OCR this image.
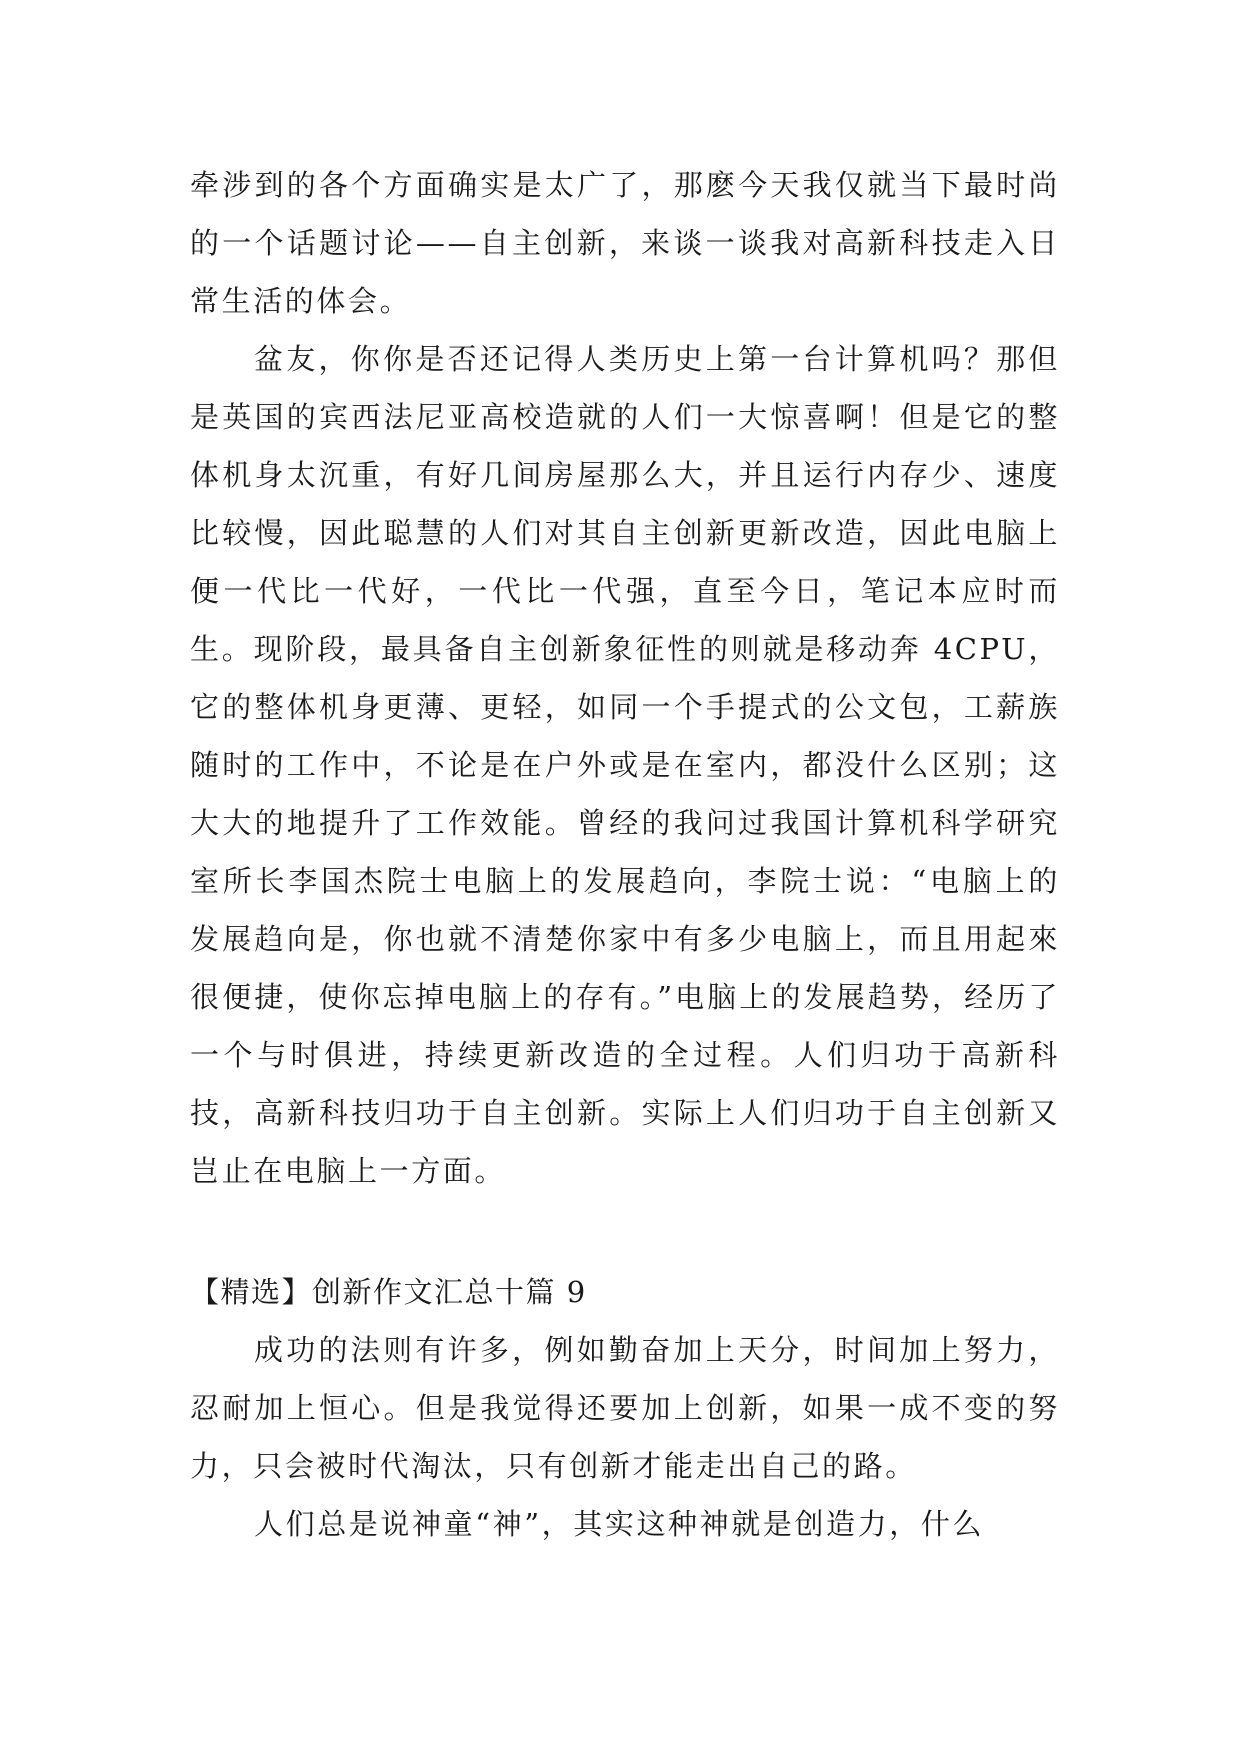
牵涉到的各个方面确实是太广了，那麽今天我仅就当下最时尚的一个话题讨论——自主创新，来谈一谈我对高新科技走入日常生活的体会。

盆友，你你是否还记得人类历史上第一台计算机吗？那但是英国的宾西法尼亚高校造就的人们一大惊喜啊！但是它的整体机身太沉重，有好几间房屋那么大，并且运行内存少、速度比较慢，因此聪慧的人们对其自主创新更新改造，因此电脑上便一代比一代好，一代比一代强，直至今日，笔记本应时而生。现阶段，最具备自主创新象征性的则就是移动奔 4CPU，它的整体机身更薄、更轻，如同一个手提式的公文包，工薪族随时的工作中，不论是在户外或是在室内，都没什么区别；这大大的地提升了工作效能。曾经的我问过我国计算机科学研究室所长李国杰院士电脑上的发展趋向，李院士说：“电脑上的发展趋向是，你也就不清楚你家中有多少电脑上，而且用起來很便捷，使你忘掉电脑上的存有。”电脑上的发展趋势，经历了一个与时俱进，持续更新改造的全过程。人们归功于高新科技，高新科技归功于自主创新。实际上人们归功于自主创新又岂止在电脑上一方面。

【精选】创新作文汇总十篇 9

成功的法则有许多，例如勤奋加上天分，时间加上努力，忍耐加上恒心。但是我觉得还要加上创新，如果一成不变的努力，只会被时代淘汰，只有创新才能走出自己的路。

人们总是说神童“神”，其实这种神就是创造力，什么
